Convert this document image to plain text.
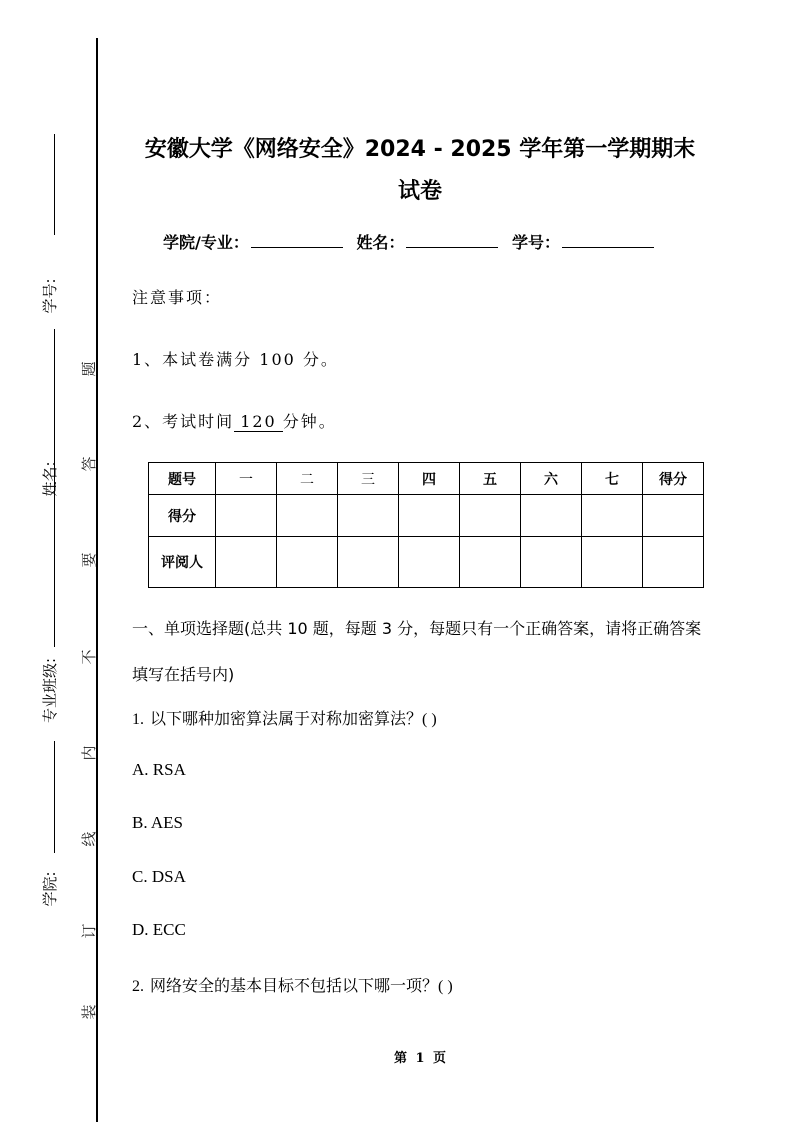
学号:
姓名:
专业班级:
学院:
题
答
要
不
内
线
订
装
安徽大学《网络安全》2024 - 2025 学年第一学期期末
试卷
学院/专业：	姓名：	学号：
注意事项：
1、本试卷满分 100 分。
2、考试时间 120 分钟。
题号	一	二	三	四	五	六	七	得分
得分								
评阅人								
一、单项选择题(总共 10 题，每题 3 分，每题只有一个正确答案，请将正确答案填写在括号内)
1. 以下哪种加密算法属于对称加密算法？( )
A. RSA
B. AES
C. DSA
D. ECC
2. 网络安全的基本目标不包括以下哪一项？( )
第 1 页
